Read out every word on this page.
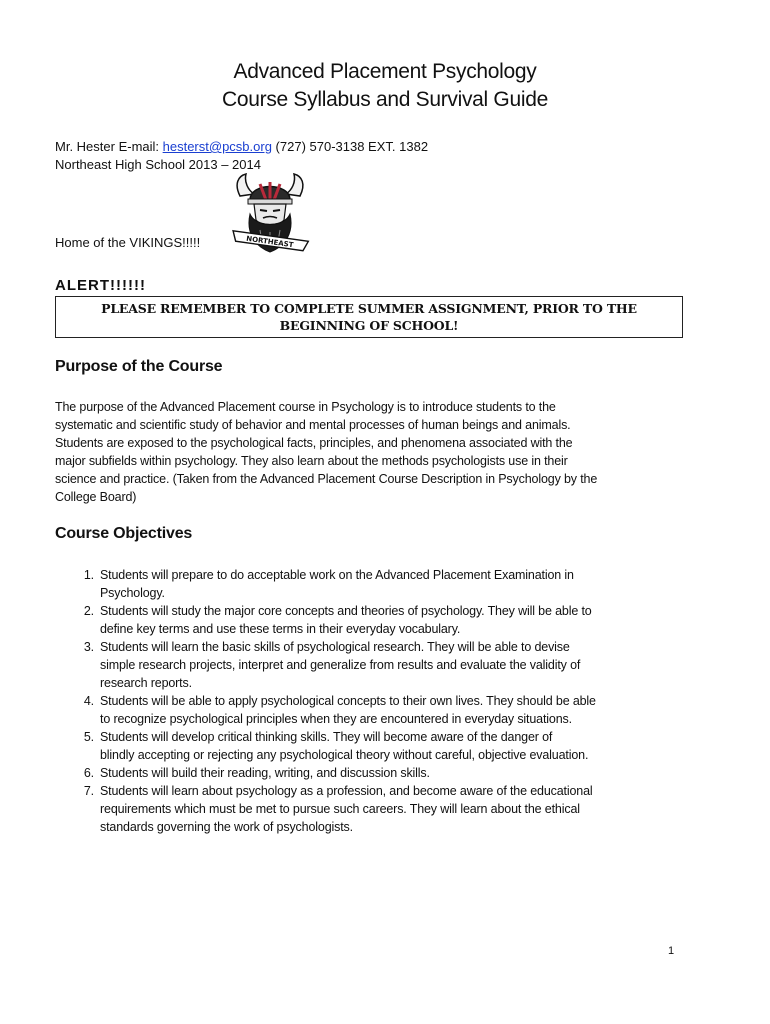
Advanced Placement Psychology
Course Syllabus and Survival Guide
Mr. Hester E-mail: hesterst@pcsb.org (727) 570-3138 EXT. 1382
Northeast High School 2013 – 2014
NORTHEAST
Home of the VIKINGS!!!!!
ALERT!!!!!!
PLEASE REMEMBER TO COMPLETE SUMMER ASSIGNMENT, PRIOR TO THE
BEGINNING OF SCHOOL!
Purpose of the Course
The purpose of the Advanced Placement course in Psychology is to introduce students to the
systematic and scientific study of behavior and mental processes of human beings and animals.
Students are exposed to the psychological facts, principles, and phenomena associated with the
major subfields within psychology. They also learn about the methods psychologists use in their
science and practice. (Taken from the Advanced Placement Course Description in Psychology by the
College Board)
Course Objectives
1. Students will prepare to do acceptable work on the Advanced Placement Examination in
Psychology.
2. Students will study the major core concepts and theories of psychology. They will be able to
define key terms and use these terms in their everyday vocabulary.
3. Students will learn the basic skills of psychological research. They will be able to devise
simple research projects, interpret and generalize from results and evaluate the validity of
research reports.
4. Students will be able to apply psychological concepts to their own lives. They should be able
to recognize psychological principles when they are encountered in everyday situations.
5. Students will develop critical thinking skills. They will become aware of the danger of
blindly accepting or rejecting any psychological theory without careful, objective evaluation.
6. Students will build their reading, writing, and discussion skills.
7. Students will learn about psychology as a profession, and become aware of the educational
requirements which must be met to pursue such careers. They will learn about the ethical
standards governing the work of psychologists.
1
